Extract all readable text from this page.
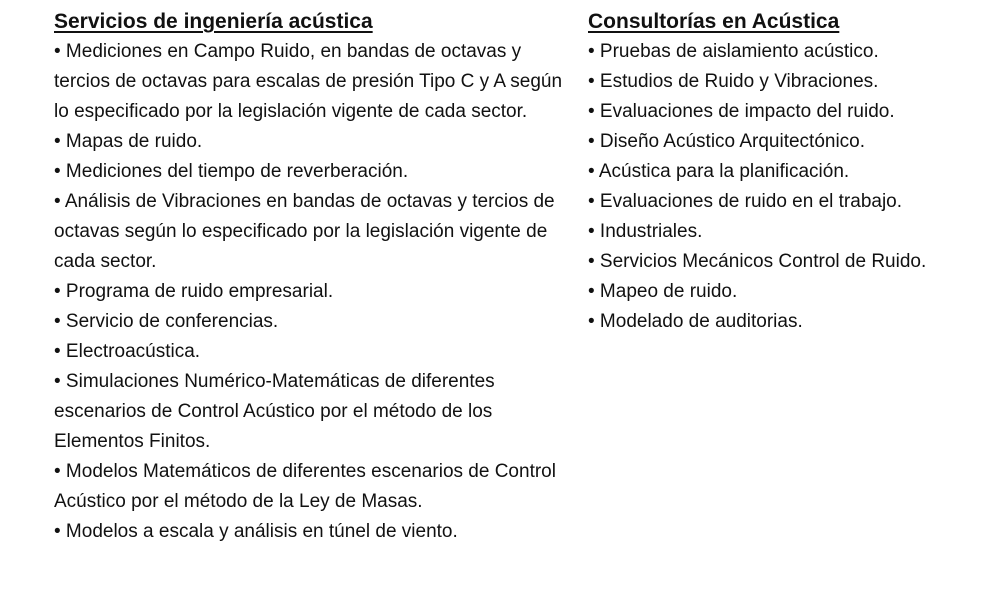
Servicios de ingeniería acústica
• Mediciones en Campo Ruido, en bandas de octavas y tercios de octavas para escalas de presión Tipo C y A según lo especificado por la legislación vigente de cada sector.
• Mapas de ruido.
• Mediciones del tiempo de reverberación.
• Análisis de Vibraciones en bandas de octavas y tercios de octavas según lo especificado por la legislación vigente de cada sector.
• Programa de ruido empresarial.
• Servicio de conferencias.
• Electroacústica.
• Simulaciones Numérico-Matemáticas de diferentes escenarios de Control Acústico por el método de los Elementos Finitos.
• Modelos Matemáticos de diferentes escenarios de Control Acústico por el método de la Ley de Masas.
• Modelos a escala y análisis en túnel de viento.
Consultorías en Acústica
• Pruebas de aislamiento acústico.
• Estudios de Ruido y Vibraciones.
• Evaluaciones de impacto del ruido.
• Diseño Acústico Arquitectónico.
• Acústica para la planificación.
• Evaluaciones de ruido en el trabajo.
• Industriales.
• Servicios Mecánicos Control de Ruido.
• Mapeo de ruido.
• Modelado de auditorias.
